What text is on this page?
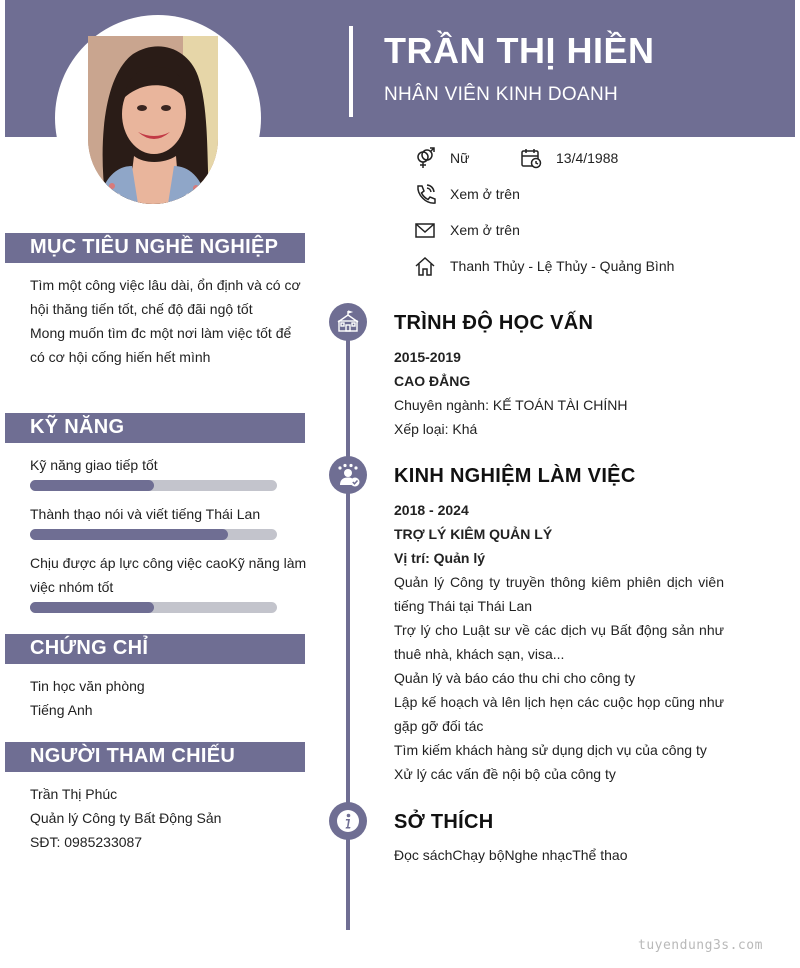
TRẦN THỊ HIỀN
NHÂN VIÊN KINH DOANH
Nữ	13/4/1988
Xem ở trên
Xem ở trên
Thanh Thủy - Lệ Thủy - Quảng Bình
MỤC TIÊU NGHỀ NGHIỆP
Tìm một công việc lâu dài, ổn định và có cơ
hội thăng tiến tốt, chế độ đãi ngộ tốt
Mong muốn tìm đc một nơi làm việc tốt để
có cơ hội cống hiến hết mình
KỸ NĂNG
Kỹ năng giao tiếp tốt
Thành thạo nói và viết tiếng Thái Lan
Chịu được áp lực công việc caoKỹ năng làm việc nhóm tốt
CHỨNG CHỈ
Tin học văn phòng
Tiếng Anh
NGƯỜI THAM CHIẾU
Trần Thị Phúc
Quản lý Công ty Bất Động Sản
SĐT: 0985233087
TRÌNH ĐỘ HỌC VẤN
2015-2019
CAO ĐẲNG
Chuyên ngành: KẾ TOÁN TÀI CHÍNH
Xếp loại: Khá
KINH NGHIỆM LÀM VIỆC
2018 - 2024
TRỢ LÝ KIÊM QUẢN LÝ
Vị trí: Quản lý
Quản lý Công ty truyền thông kiêm phiên dịch viên tiếng Thái tại Thái Lan
Trợ lý cho Luật sư về các dịch vụ Bất động sản như thuê nhà, khách sạn, visa...
Quản lý và báo cáo thu chi cho công ty
Lập kế hoạch và lên lịch hẹn các cuộc họp cũng như gặp gỡ đối tác
Tìm kiếm khách hàng sử dụng dịch vụ của công ty
Xử lý các vấn đề nội bộ của công ty
SỞ THÍCH
Đọc sáchChạy bộNghe nhạcThể thao
tuyendung3s.com
